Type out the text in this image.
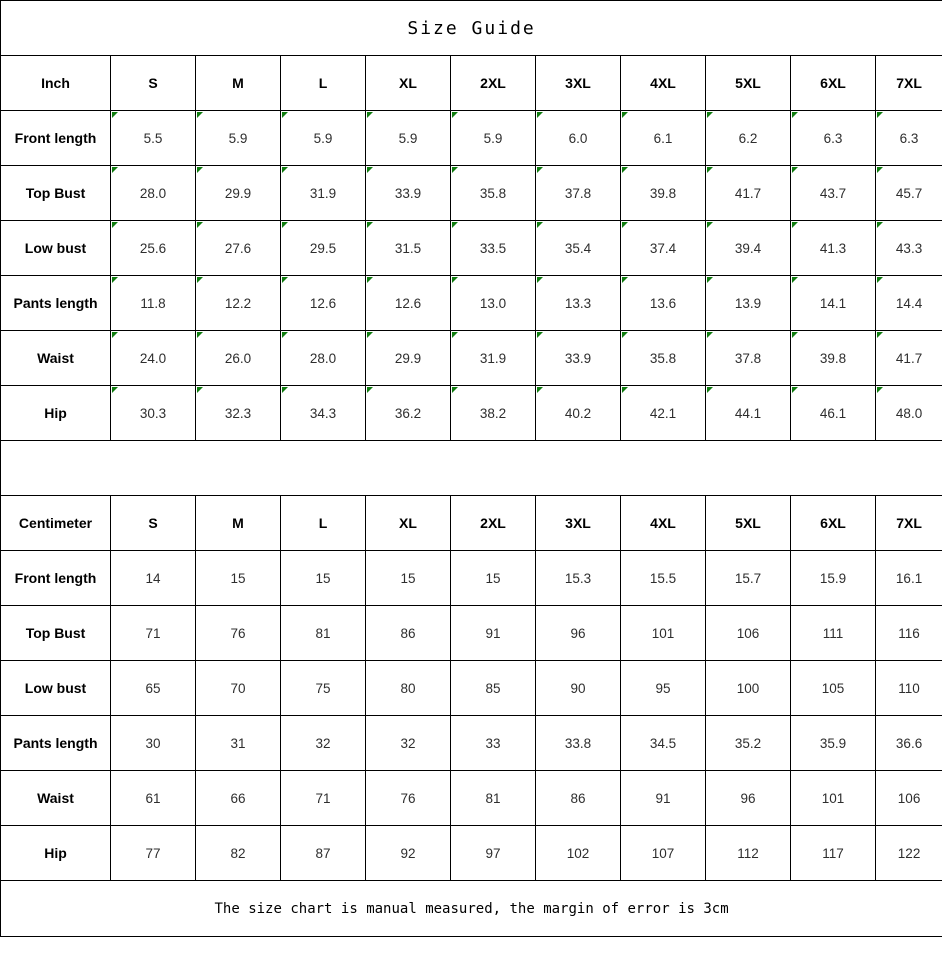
Size Guide										
Inch	S	M	L	XL	2XL	3XL	4XL	5XL	6XL	7XL
Front length	5.5	5.9	5.9	5.9	5.9	6.0	6.1	6.2	6.3	6.3
Top Bust	28.0	29.9	31.9	33.9	35.8	37.8	39.8	41.7	43.7	45.7
Low bust	25.6	27.6	29.5	31.5	33.5	35.4	37.4	39.4	41.3	43.3
Pants length	11.8	12.2	12.6	12.6	13.0	13.3	13.6	13.9	14.1	14.4
Waist	24.0	26.0	28.0	29.9	31.9	33.9	35.8	37.8	39.8	41.7
Hip	30.3	32.3	34.3	36.2	38.2	40.2	42.1	44.1	46.1	48.0

Centimeter	S	M	L	XL	2XL	3XL	4XL	5XL	6XL	7XL
Front length	14	15	15	15	15	15.3	15.5	15.7	15.9	16.1
Top Bust	71	76	81	86	91	96	101	106	111	116
Low bust	65	70	75	80	85	90	95	100	105	110
Pants length	30	31	32	32	33	33.8	34.5	35.2	35.9	36.6
Waist	61	66	71	76	81	86	91	96	101	106
Hip	77	82	87	92	97	102	107	112	117	122
The size chart is manual measured, the margin of error is 3cm										
